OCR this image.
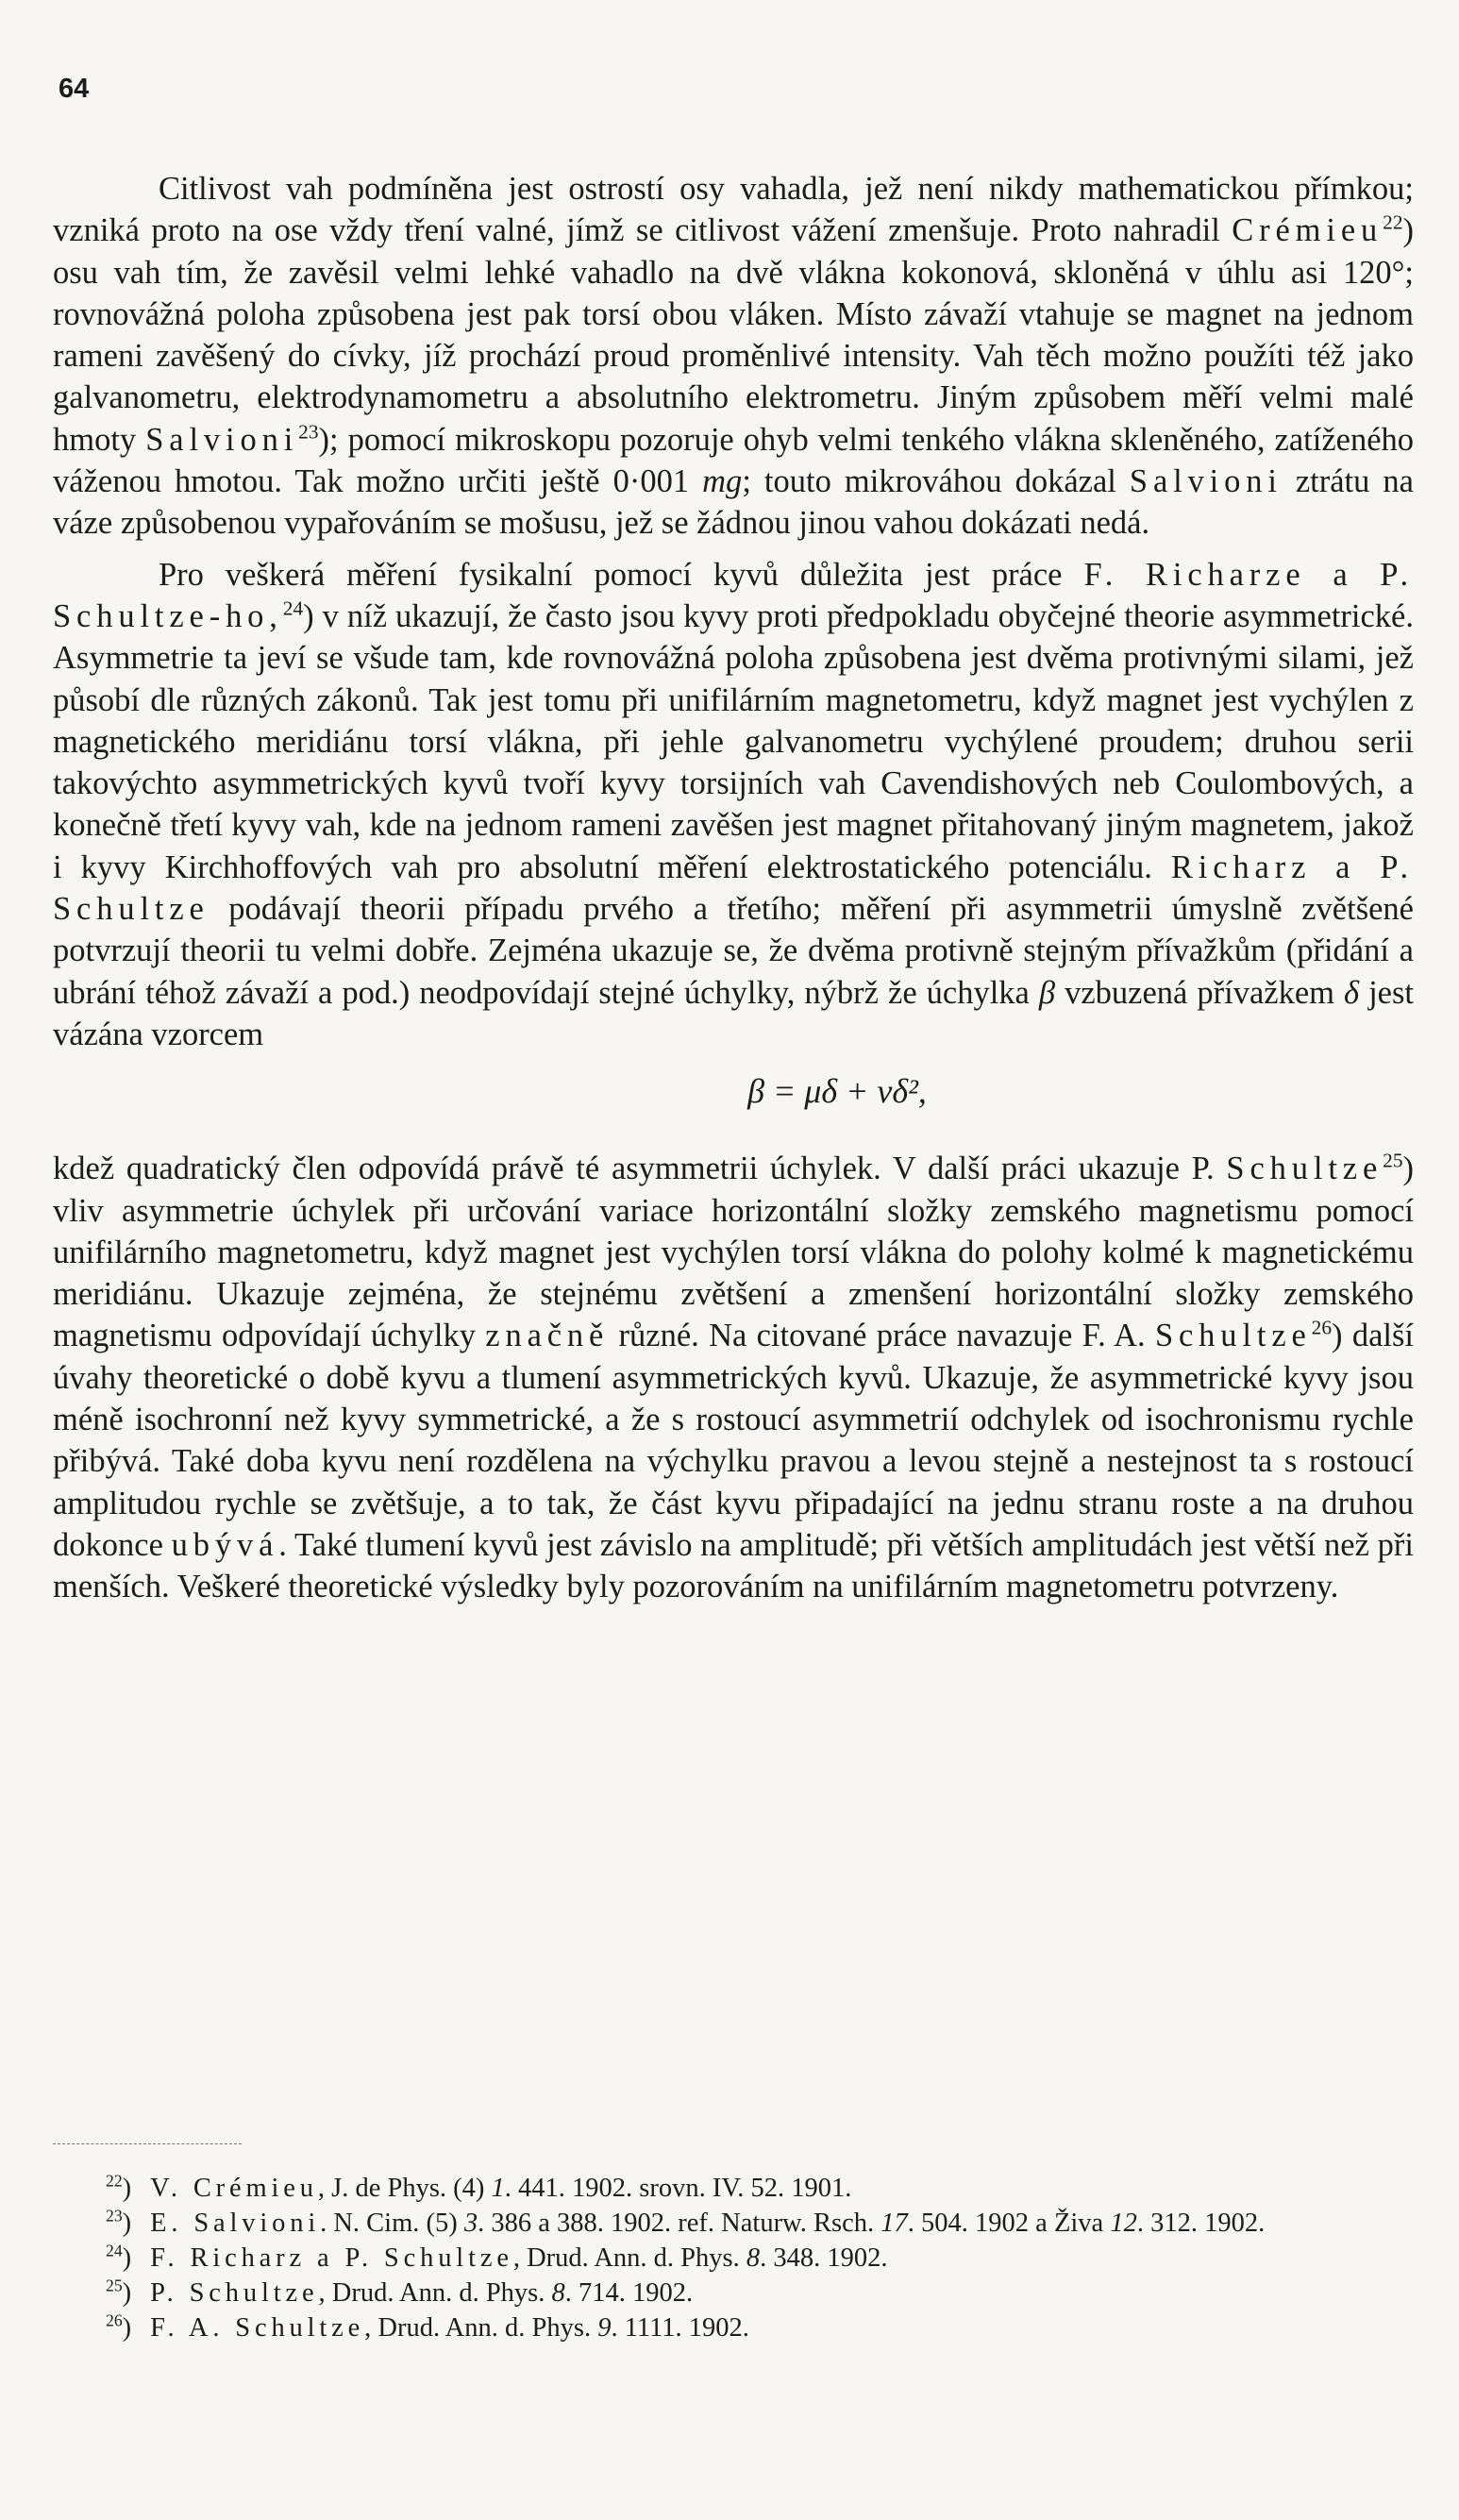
64

Citlivost vah podmíněna jest ostrostí osy vahadla, jež není nikdy mathematickou přímkou; vzniká proto na ose vždy tření valné, jímž se citlivost vážení zmenšuje. Proto nahradil Crémieu$^{22}$) osu vah tím, že zavěsil velmi lehké vahadlo na dvě vlákna kokonová, skloněná v úhlu asi 120°; rovnovážná poloha způsobena jest pak torsí obou vláken. Místo závaží vtahuje se magnet na jednom rameni zavěšený do cívky, jíž prochází proud proměnlivé intensity. Vah těch možno použíti též jako galvanometru, elektrodynamometru a absolutního elektrometru. Jiným způsobem měří velmi malé hmoty Salvioni$^{23}$); pomocí mikroskopu pozoruje ohyb velmi tenkého vlákna skleněného, zatíženého váženou hmotou. Tak možno určiti ještě 0·001 mg; touto mikrováhou dokázal Salvioni ztrátu na váze způsobenou vypařováním se mošusu, jež se žádnou jinou vahou dokázati nedá.

Pro veškerá měření fysikalní pomocí kyvů důležita jest práce F. Richarze a P. Schultze-ho,$^{24}$) v níž ukazují, že často jsou kyvy proti předpokladu obyčejné theorie asymmetrické. Asymmetrie ta jeví se všude tam, kde rovnovážná poloha způsobena jest dvěma protivnými silami, jež působí dle různých zákonů. Tak jest tomu při unifilárním magnetometru, když magnet jest vychýlen z magnetického meridiánu torsí vlákna, při jehle galvanometru vychýlené proudem; druhou serii takovýchto asymmetrických kyvů tvoří kyvy torsijních vah Cavendishových neb Coulombových, a konečně třetí kyvy vah, kde na jednom rameni zavěšen jest magnet přitahovaný jiným magnetem, jakož i kyvy Kirchhoffových vah pro absolutní měření elektrostatického potenciálu. Richarz a P. Schultze podávají theorii případu prvého a třetího; měření při asymmetrii úmyslně zvětšené potvrzují theorii tu velmi dobře. Zejména ukazuje se, že dvěma protivně stejným přívažkům (přidání a ubrání téhož závaží a pod.) neodpovídají stejné úchylky, nýbrž že úchylka β vzbuzená přívažkem δ jest vázána vzorcem

β = μδ + νδ²,

kdež quadratický člen odpovídá právě té asymmetrii úchylek. V další práci ukazuje P. Schultze$^{25}$) vliv asymmetrie úchylek při určování variace horizontální složky zemského magnetismu pomocí unifilárního magnetometru, když magnet jest vychýlen torsí vlákna do polohy kolmé k magnetickému meridiánu. Ukazuje zejména, že stejnému zvětšení a zmenšení horizontální složky zemského magnetismu odpovídají úchylky značně různé. Na citované práce navazuje F. A. Schultze$^{26}$) další úvahy theoretické o době kyvu a tlumení asymmetrických kyvů. Ukazuje, že asymmetrické kyvy jsou méně isochronní než kyvy symmetrické, a že s rostoucí asymmetrií odchylek od isochronismu rychle přibývá. Také doba kyvu není rozdělena na výchylku pravou a levou stejně a nestejnost ta s rostoucí amplitudou rychle se zvětšuje, a to tak, že část kyvu připadající na jednu stranu roste a na druhou dokonce ubývá. Také tlumení kyvů jest závislo na amplitudě; při větších amplitudách jest větší než při menších. Veškeré theoretické výsledky byly pozorováním na unifilárním magnetometru potvrzeny.

$^{22}$) V. Crémieu, J. de Phys. (4) 1. 441. 1902. srovn. IV. 52. 1901.

$^{23}$) E. Salvioni. N. Cim. (5) 3. 386 a 388. 1902. ref. Naturw. Rsch. 17. 504. 1902 a Živa 12. 312. 1902.

$^{24}$) F. Richarz a P. Schultze, Drud. Ann. d. Phys. 8. 348. 1902.

$^{25}$) P. Schultze, Drud. Ann. d. Phys. 8. 714. 1902.

$^{26}$) F. A. Schultze, Drud. Ann. d. Phys. 9. 1111. 1902.
